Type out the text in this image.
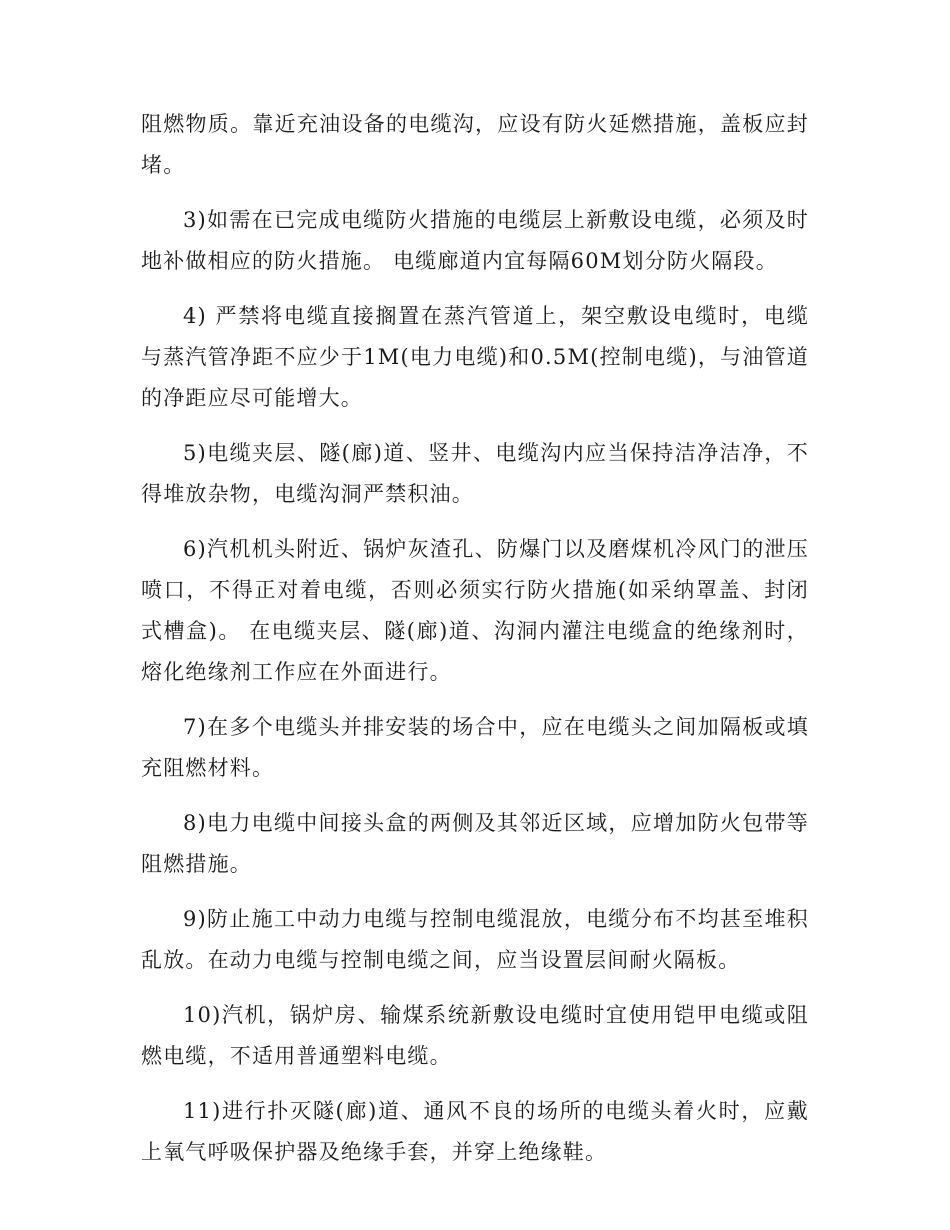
阻燃物质。靠近充油设备的电缆沟，应设有防火延燃措施，盖板应封堵。

3)如需在已完成电缆防火措施的电缆层上新敷设电缆，必须及时地补做相应的防火措施。 电缆廊道内宜每隔60M划分防火隔段。

4) 严禁将电缆直接搁置在蒸汽管道上，架空敷设电缆时，电缆与蒸汽管净距不应少于1M(电力电缆)和0.5M(控制电缆)，与油管道的净距应尽可能增大。

5)电缆夹层、隧(廊)道、竖井、电缆沟内应当保持洁净洁净，不得堆放杂物，电缆沟洞严禁积油。

6)汽机机头附近、锅炉灰渣孔、防爆门以及磨煤机冷风门的泄压喷口，不得正对着电缆，否则必须实行防火措施(如采纳罩盖、封闭式槽盒)。 在电缆夹层、隧(廊)道、沟洞内灌注电缆盒的绝缘剂时，熔化绝缘剂工作应在外面进行。

7)在多个电缆头并排安装的场合中，应在电缆头之间加隔板或填充阻燃材料。

8)电力电缆中间接头盒的两侧及其邻近区域，应增加防火包带等阻燃措施。

9)防止施工中动力电缆与控制电缆混放，电缆分布不均甚至堆积乱放。在动力电缆与控制电缆之间，应当设置层间耐火隔板。

10)汽机，锅炉房、输煤系统新敷设电缆时宜使用铠甲电缆或阻燃电缆，不适用普通塑料电缆。

11)进行扑灭隧(廊)道、通风不良的场所的电缆头着火时，应戴上氧气呼吸保护器及绝缘手套，并穿上绝缘鞋。
